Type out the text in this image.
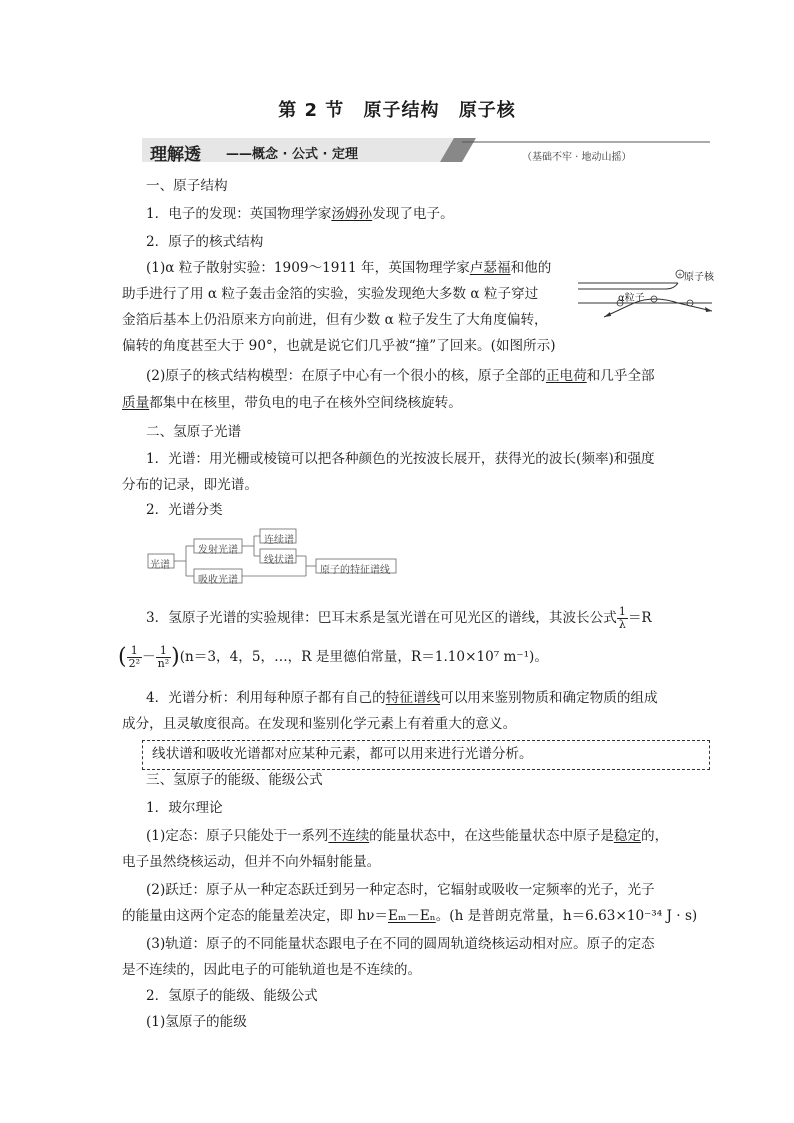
第 2 节 原子结构 原子核
理解透 ——概念 · 公式 · 定理	（基础不牢 · 地动山摇）
一、原子结构
1．电子的发现：英国物理学家汤姆孙发现了电子。
2．原子的核式结构
(1)α 粒子散射实验：1909～1911 年，英国物理学家卢瑟福和他的
助手进行了用 α 粒子轰击金箔的实验，实验发现绝大多数 α 粒子穿过
金箔后基本上仍沿原来方向前进，但有少数 α 粒子发生了大角度偏转，
偏转的角度甚至大于 90°，也就是说它们几乎被“撞”了回来。(如图所示)
+ 原子核
α粒子
(2)原子的核式结构模型：在原子中心有一个很小的核，原子全部的正电荷和几乎全部
质量都集中在核里，带负电的电子在核外空间绕核旋转。
二、氢原子光谱
1．光谱：用光栅或棱镜可以把各种颜色的光按波长展开，获得光的波长(频率)和强度
分布的记录，即光谱。
2．光谱分类
光谱
发射光谱
吸收光谱
连续谱
线状谱
原子的特征谱线
3．氢原子光谱的实验规律：巴耳末系是氢光谱在可见光区的谱线，其波长公式 $\frac{1}{\lambda} =R$
( $\frac{1}{\text{2²}} - \frac{1}{\text{n²}} )(n=3$，4，5，…，R 是里德伯常量，R＝1.10×10⁷ m⁻¹)。
4．光谱分析：利用每种原子都有自己的特征谱线可以用来鉴别物质和确定物质的组成
成分，且灵敏度很高。在发现和鉴别化学元素上有着重大的意义。
线状谱和吸收光谱都对应某种元素，都可以用来进行光谱分析。
三、氢原子的能级、能级公式
1．玻尔理论
(1)定态：原子只能处于一系列不连续的能量状态中，在这些能量状态中原子是稳定的，
电子虽然绕核运动，但并不向外辐射能量。
(2)跃迁：原子从一种定态跃迁到另一种定态时，它辐射或吸收一定频率的光子，光子
的能量由这两个定态的能量差决定，即 hν＝Eₘ－Eₙ。(h 是普朗克常量，h＝6.63×10⁻³⁴ J · s)
(3)轨道：原子的不同能量状态跟电子在不同的圆周轨道绕核运动相对应。原子的定态
是不连续的，因此电子的可能轨道也是不连续的。
2．氢原子的能级、能级公式
(1)氢原子的能级
